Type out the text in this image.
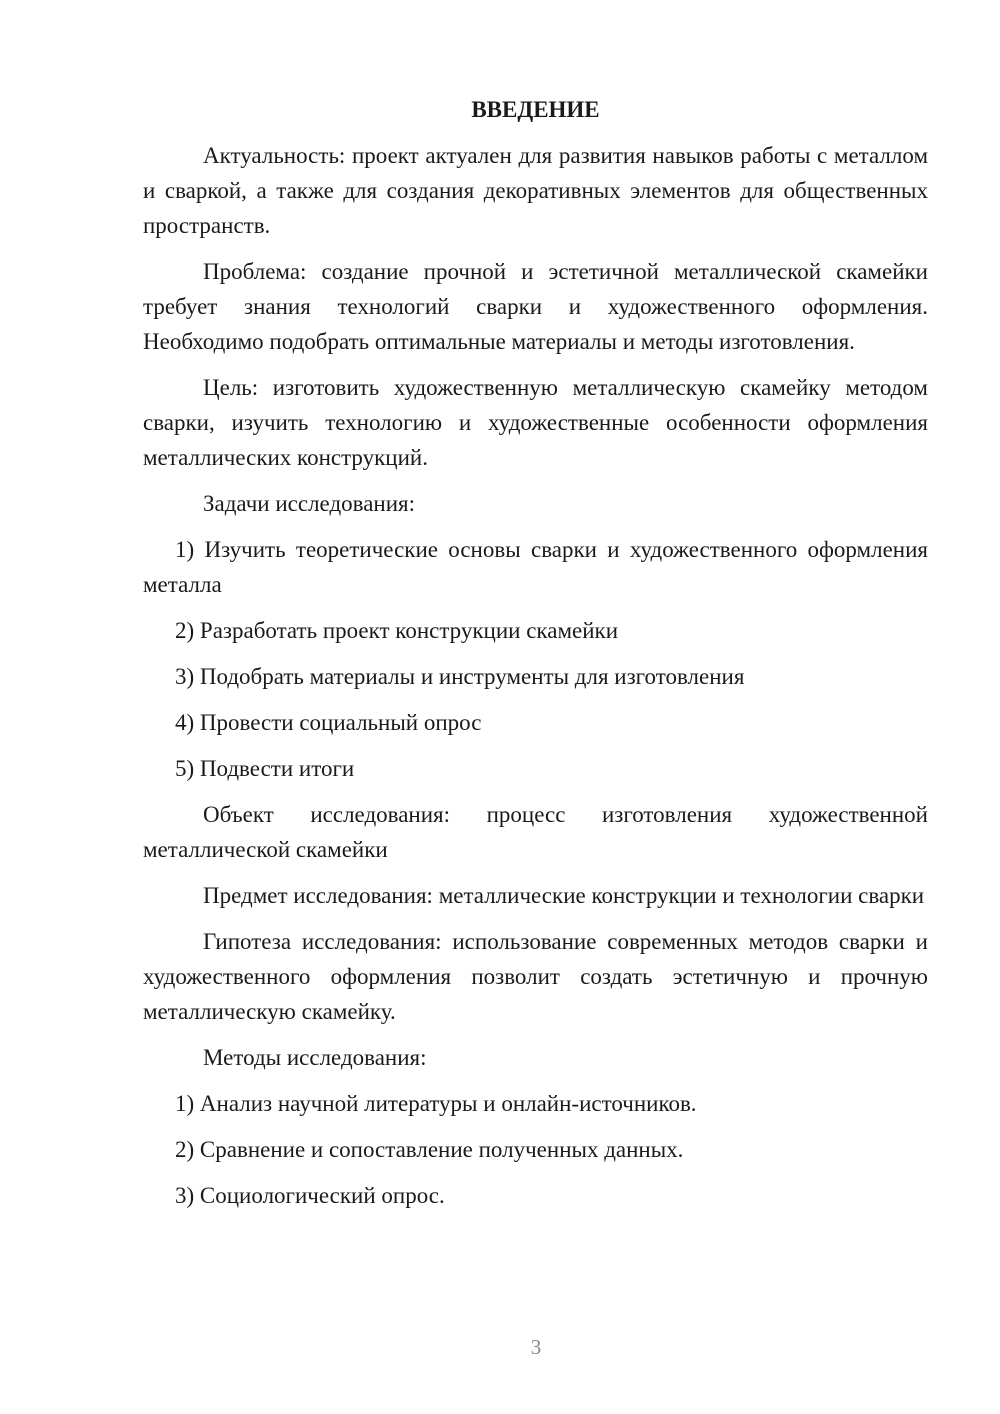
ВВЕДЕНИЕ

Актуальность: проект актуален для развития навыков работы с металлом и сваркой, а также для создания декоративных элементов для общественных пространств.

Проблема: создание прочной и эстетичной металлической скамейки требует знания технологий сварки и художественного оформления. Необходимо подобрать оптимальные материалы и методы изготовления.

Цель: изготовить художественную металлическую скамейку методом сварки, изучить технологию и художественные особенности оформления металлических конструкций.

Задачи исследования:

1) Изучить теоретические основы сварки и художественного оформления металла

2) Разработать проект конструкции скамейки

3) Подобрать материалы и инструменты для изготовления

4) Провести социальный опрос

5) Подвести итоги

Объект исследования: процесс изготовления художественной металлической скамейки

Предмет исследования: металлические конструкции и технологии сварки

Гипотеза исследования: использование современных методов сварки и художественного оформления позволит создать эстетичную и прочную металлическую скамейку.

Методы исследования:

1) Анализ научной литературы и онлайн-источников.

2) Сравнение и сопоставление полученных данных.

3) Социологический опрос.

3
